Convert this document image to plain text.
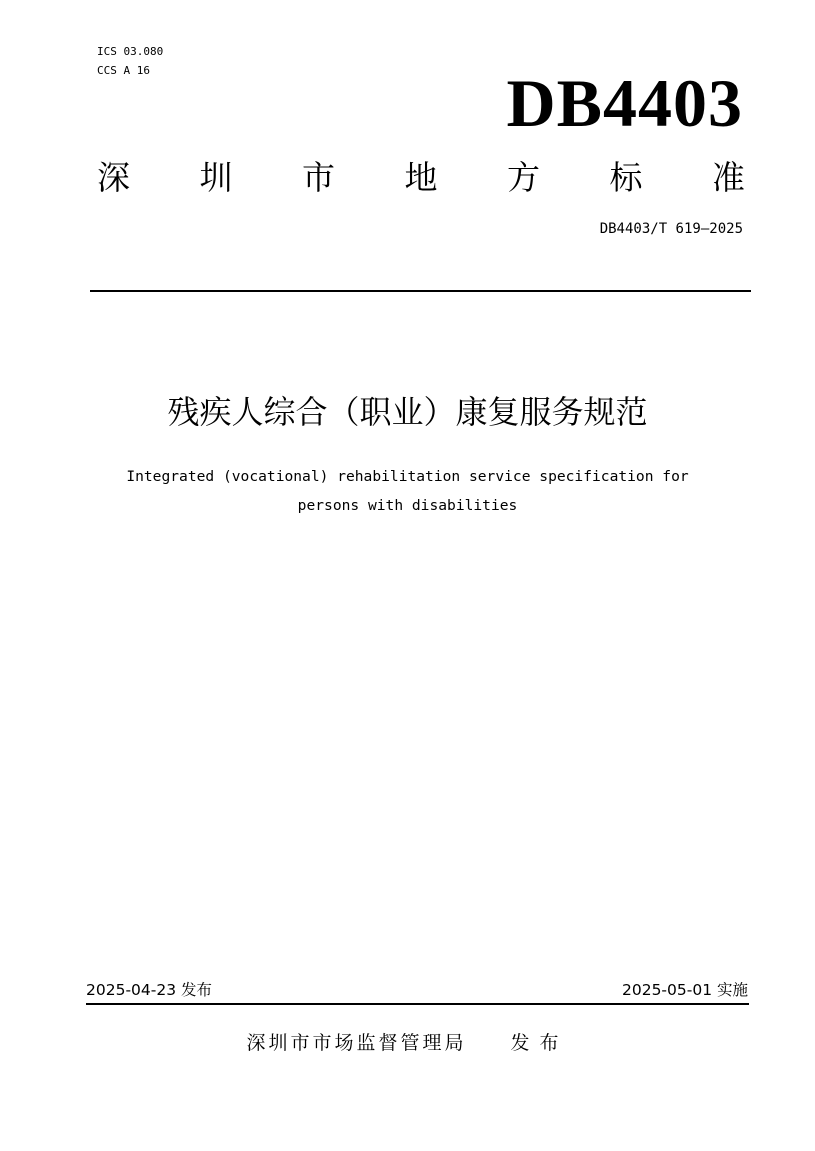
ICS 03.080
CCS A 16	DB4403
深 圳 市 地 方 标 准
DB4403/T 619—2025
残疾人综合（职业）康复服务规范
Integrated (vocational) rehabilitation service specification for
persons with disabilities
2025-04-23 发布	2025-05-01 实施
深圳市市场监督管理局 发布
